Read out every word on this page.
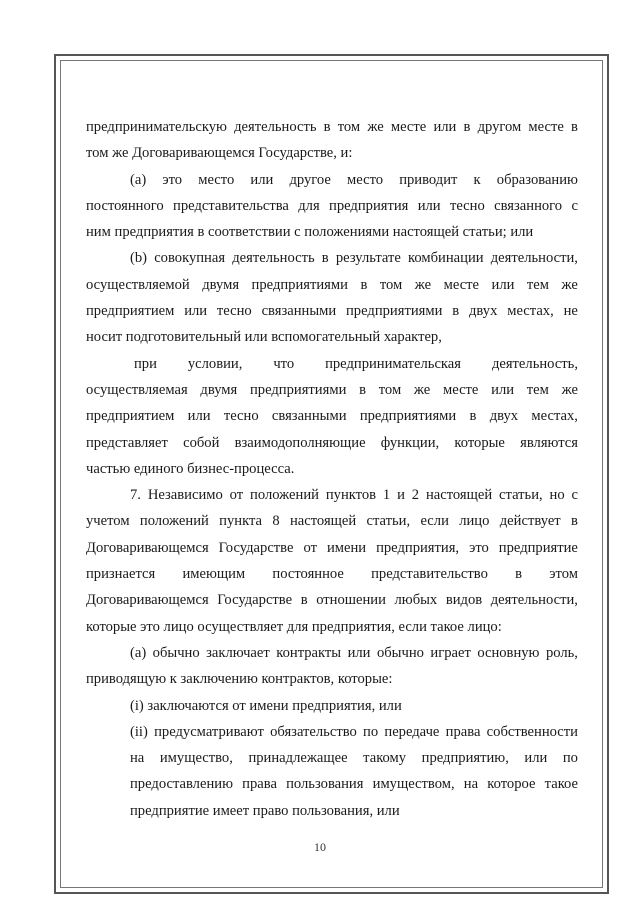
предпринимательскую деятельность в том же месте или в другом месте в
том же Договаривающемся Государстве, и:
(a) это место или другое место приводит к образованию
постоянного представительства для предприятия или тесно связанного с
ним предприятия в соответствии с положениями настоящей статьи; или
(b) совокупная деятельность в результате комбинации деятельности,
осуществляемой двумя предприятиями в том же месте или тем же
предприятием или тесно связанными предприятиями в двух местах, не
носит подготовительный или вспомогательный характер,
при условии, что предпринимательская деятельность,
осуществляемая двумя предприятиями в том же месте или тем же
предприятием или тесно связанными предприятиями в двух местах,
представляет собой взаимодополняющие функции, которые являются
частью единого бизнес-процесса.
7. Независимо от положений пунктов 1 и 2 настоящей статьи, но с
учетом положений пункта 8 настоящей статьи, если лицо действует в
Договаривающемся Государстве от имени предприятия, это предприятие
признается имеющим постоянное представительство в этом
Договаривающемся Государстве в отношении любых видов деятельности,
которые это лицо осуществляет для предприятия, если такое лицо:
(a) обычно заключает контракты или обычно играет основную роль,
приводящую к заключению контрактов, которые:
(i) заключаются от имени предприятия, или
(ii) предусматривают обязательство по передаче права собственности
на имущество, принадлежащее такому предприятию, или по
предоставлению права пользования имуществом, на которое такое
предприятие имеет право пользования, или
10
